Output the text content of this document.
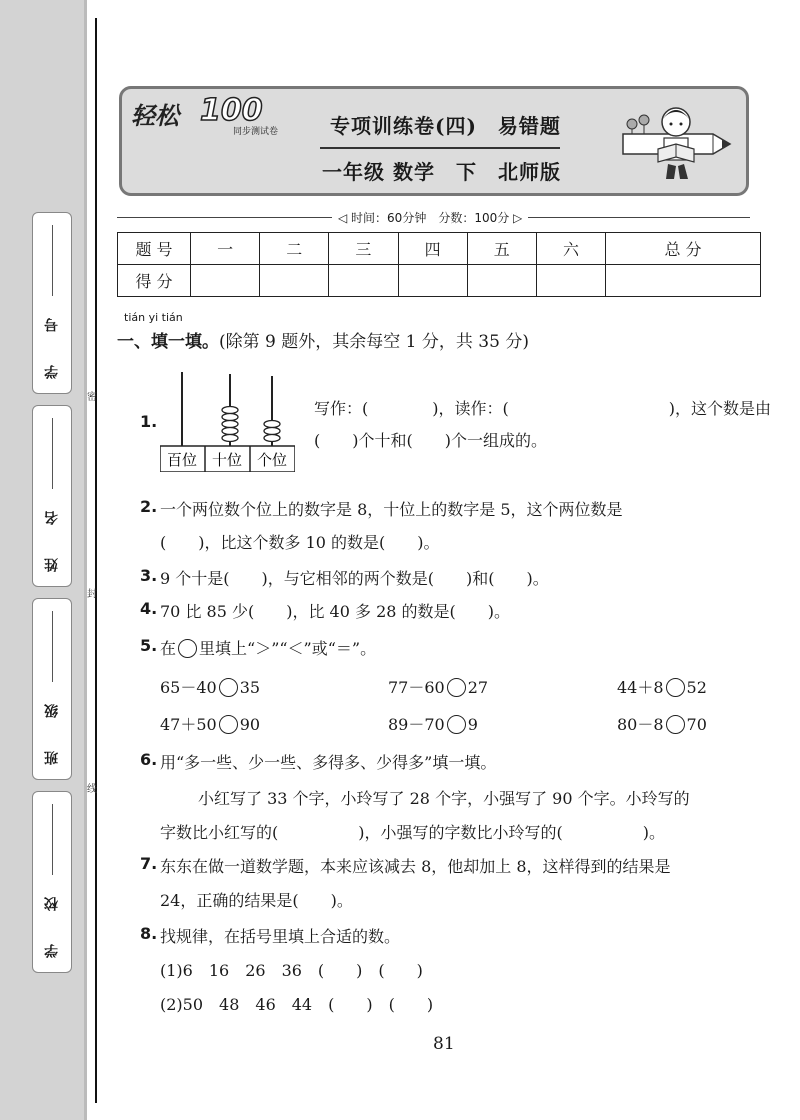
学 号
姓 名
班 级
学 校
密
封
线
轻松 100
同步测试卷	专项训练卷(四)　易错题
一年级 数学　下　北师版
◁ 时间：60分钟　分数：100分 ▷
题 号	一	二	三	四	五	六	总 分
得 分							
tián yi tián
一、填一填。(除第 9 题外，其余每空 1 分，共 35 分)
1.
百位 十位 个位
写作：(　　　　)，读作：(　　　　　　　　　　)，这个数是由
(　　)个十和(　　)个一组成的。
2. 一个两位数个位上的数字是 8，十位上的数字是 5，这个两位数是
(　　)，比这个数多 10 的数是(　　)。
3. 9 个十是(　　)，与它相邻的两个数是(　　)和(　　)。
4. 70 比 85 少(　　)，比 40 多 28 的数是(　　)。
5. 在 里填上“＞”“＜”或“＝”。
65－40 35	77－60 27	44＋8 52
47＋50 90	89－70 9	80－8 70
6. 用“多一些、少一些、多得多、少得多”填一填。
小红写了 33 个字，小玲写了 28 个字，小强写了 90 个字。小玲写的
字数比小红写的(　　　　　)，小强写的字数比小玲写的(　　　　　)。
7. 东东在做一道数学题，本来应该减去 8，他却加上 8，这样得到的结果是
24，正确的结果是(　　)。
8. 找规律，在括号里填上合适的数。
(1)6　16　26　36　(　　)　(　　)
(2)50　48　46　44　(　　)　(　　)
81
